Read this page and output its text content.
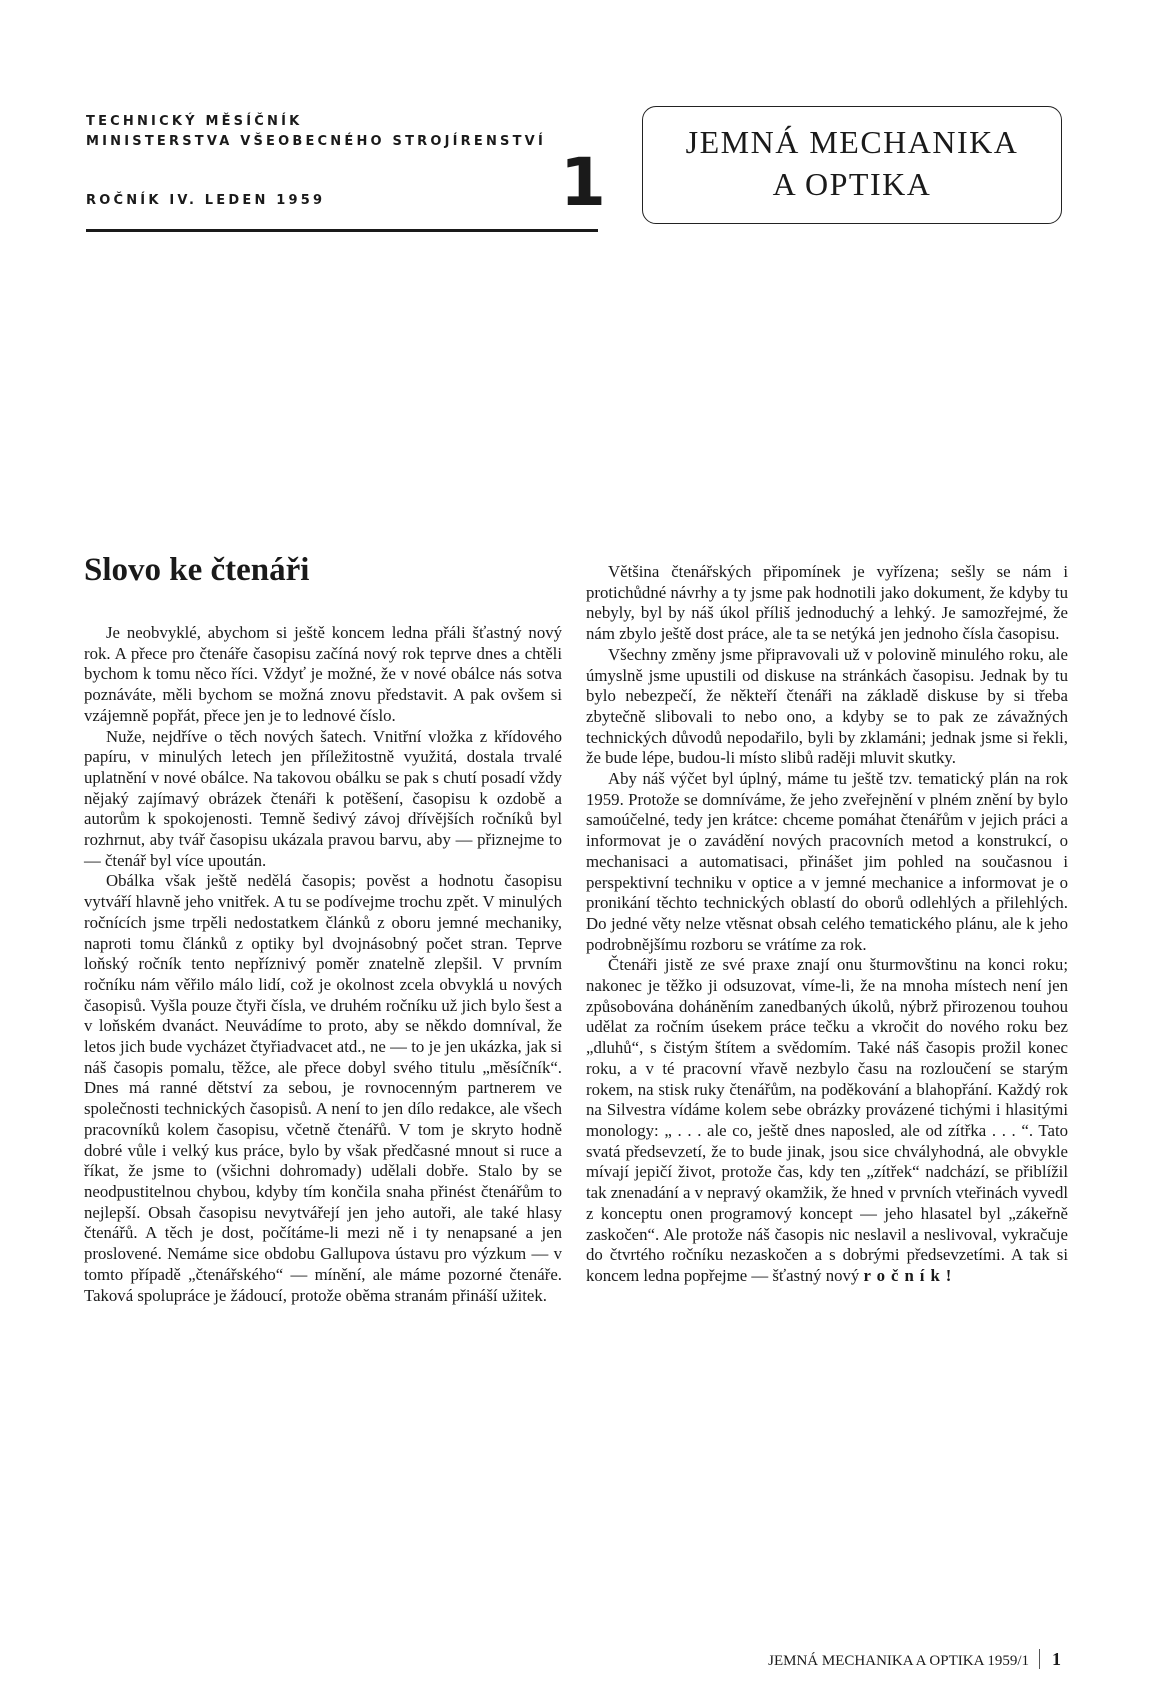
TECHNICKÝ MĚSÍČNÍK
MINISTERSTVA VŠEOBECNÉHO STROJÍRENSTVÍ
ROČNÍK IV. LEDEN 1959	1
JEMNÁ MECHANIKA
A OPTIKA
Slovo ke čtenáři

Je neobvyklé, abychom si ještě koncem ledna přáli šťastný nový rok. A přece pro čtenáře časopisu začíná nový rok teprve dnes a chtěli bychom k tomu něco říci. Vždyť je možné, že v nové obálce nás sotva poznáváte, měli bychom se možná znovu představit. A pak ovšem si vzájemně popřát, přece jen je to lednové číslo.

Nuže, nejdříve o těch nových šatech. Vnitřní vložka z křídového papíru, v minulých letech jen příležitostně využitá, dostala trvalé uplatnění v nové obálce. Na takovou obálku se pak s chutí posadí vždy nějaký zajímavý obrázek čtenáři k potěšení, časopisu k ozdobě a autorům k spokojenosti. Temně šedivý závoj dřívějších ročníků byl rozhrnut, aby tvář časopisu ukázala pravou barvu, aby — přiznejme to — čtenář byl více upoután.

Obálka však ještě nedělá časopis; pověst a hodnotu časopisu vytváří hlavně jeho vnitřek. A tu se podívejme trochu zpět. V minulých ročnících jsme trpěli nedostatkem článků z oboru jemné mechaniky, naproti tomu článků z optiky byl dvojnásobný počet stran. Teprve loňský ročník tento nepříznivý poměr znatelně zlepšil. V prvním ročníku nám věřilo málo lidí, což je okolnost zcela obvyklá u nových časopisů. Vyšla pouze čtyři čísla, ve druhém ročníku už jich bylo šest a v loňském dvanáct. Neuvádíme to proto, aby se někdo domníval, že letos jich bude vycházet čtyřiadvacet atd., ne — to je jen ukázka, jak si náš časopis pomalu, těžce, ale přece dobyl svého titulu „měsíčník“. Dnes má ranné dětství za sebou, je rovnocenným partnerem ve společnosti technických časopisů. A není to jen dílo redakce, ale všech pracovníků kolem časopisu, včetně čtenářů. V tom je skryto hodně dobré vůle i velký kus práce, bylo by však předčasné mnout si ruce a říkat, že jsme to (všichni dohromady) udělali dobře. Stalo by se neodpustitelnou chybou, kdyby tím končila snaha přinést čtenářům to nejlepší. Obsah časopisu nevytvářejí jen jeho autoři, ale také hlasy čtenářů. A těch je dost, počítáme-li mezi ně i ty nenapsané a jen proslovené. Nemáme sice obdobu Gallupova ústavu pro výzkum — v tomto případě „čtenářského“ — mínění, ale máme pozorné čtenáře. Taková spolupráce je žádoucí, protože oběma stranám přináší užitek.

Většina čtenářských připomínek je vyřízena; sešly se nám i protichůdné návrhy a ty jsme pak hodnotili jako dokument, že kdyby tu nebyly, byl by náš úkol příliš jednoduchý a lehký. Je samozřejmé, že nám zbylo ještě dost práce, ale ta se netýká jen jednoho čísla časopisu.

Všechny změny jsme připravovali už v polovině minulého roku, ale úmyslně jsme upustili od diskuse na stránkách časopisu. Jednak by tu bylo nebezpečí, že někteří čtenáři na základě diskuse by si třeba zbytečně slibovali to nebo ono, a kdyby se to pak ze závažných technických důvodů nepodařilo, byli by zklamáni; jednak jsme si řekli, že bude lépe, budou-li místo slibů raději mluvit skutky.

Aby náš výčet byl úplný, máme tu ještě tzv. tematický plán na rok 1959. Protože se domníváme, že jeho zveřejnění v plném znění by bylo samoúčelné, tedy jen krátce: chceme pomáhat čtenářům v jejich práci a informovat je o zavádění nových pracovních metod a konstrukcí, o mechanisaci a automatisaci, přinášet jim pohled na současnou i perspektivní techniku v optice a v jemné mechanice a informovat je o pronikání těchto technických oblastí do oborů odlehlých a přilehlých. Do jedné věty nelze vtěsnat obsah celého tematického plánu, ale k jeho podrobnějšímu rozboru se vrátíme za rok.

Čtenáři jistě ze své praxe znají onu šturmovštinu na konci roku; nakonec je těžko ji odsuzovat, víme-li, že na mnoha místech není jen způsobována doháněním zanedbaných úkolů, nýbrž přirozenou touhou udělat za ročním úsekem práce tečku a vkročit do nového roku bez „dluhů“, s čistým štítem a svědomím. Také náš časopis prožil konec roku, a v té pracovní vřavě nezbylo času na rozloučení se starým rokem, na stisk ruky čtenářům, na poděkování a blahopřání. Každý rok na Silvestra vídáme kolem sebe obrázky provázené tichými i hlasitými monology: „ . . . ale co, ještě dnes naposled, ale od zítřka . . . “. Tato svatá předsevzetí, že to bude jinak, jsou sice chvályhodná, ale obvykle mívají jepičí život, protože čas, kdy ten „zítřek“ nadchází, se přiblížil tak znenadání a v nepravý okamžik, že hned v prvních vteřinách vyvedl z konceptu onen programový koncept — jeho hlasatel byl „zákeřně zaskočen“. Ale protože náš časopis nic neslavil a neslivoval, vykračuje do čtvrtého ročníku nezaskočen a s dobrými předsevzetími. A tak si koncem ledna popřejme — šťastný nový ročník!

JEMNÁ MECHANIKA A OPTIKA 1959/1 1
